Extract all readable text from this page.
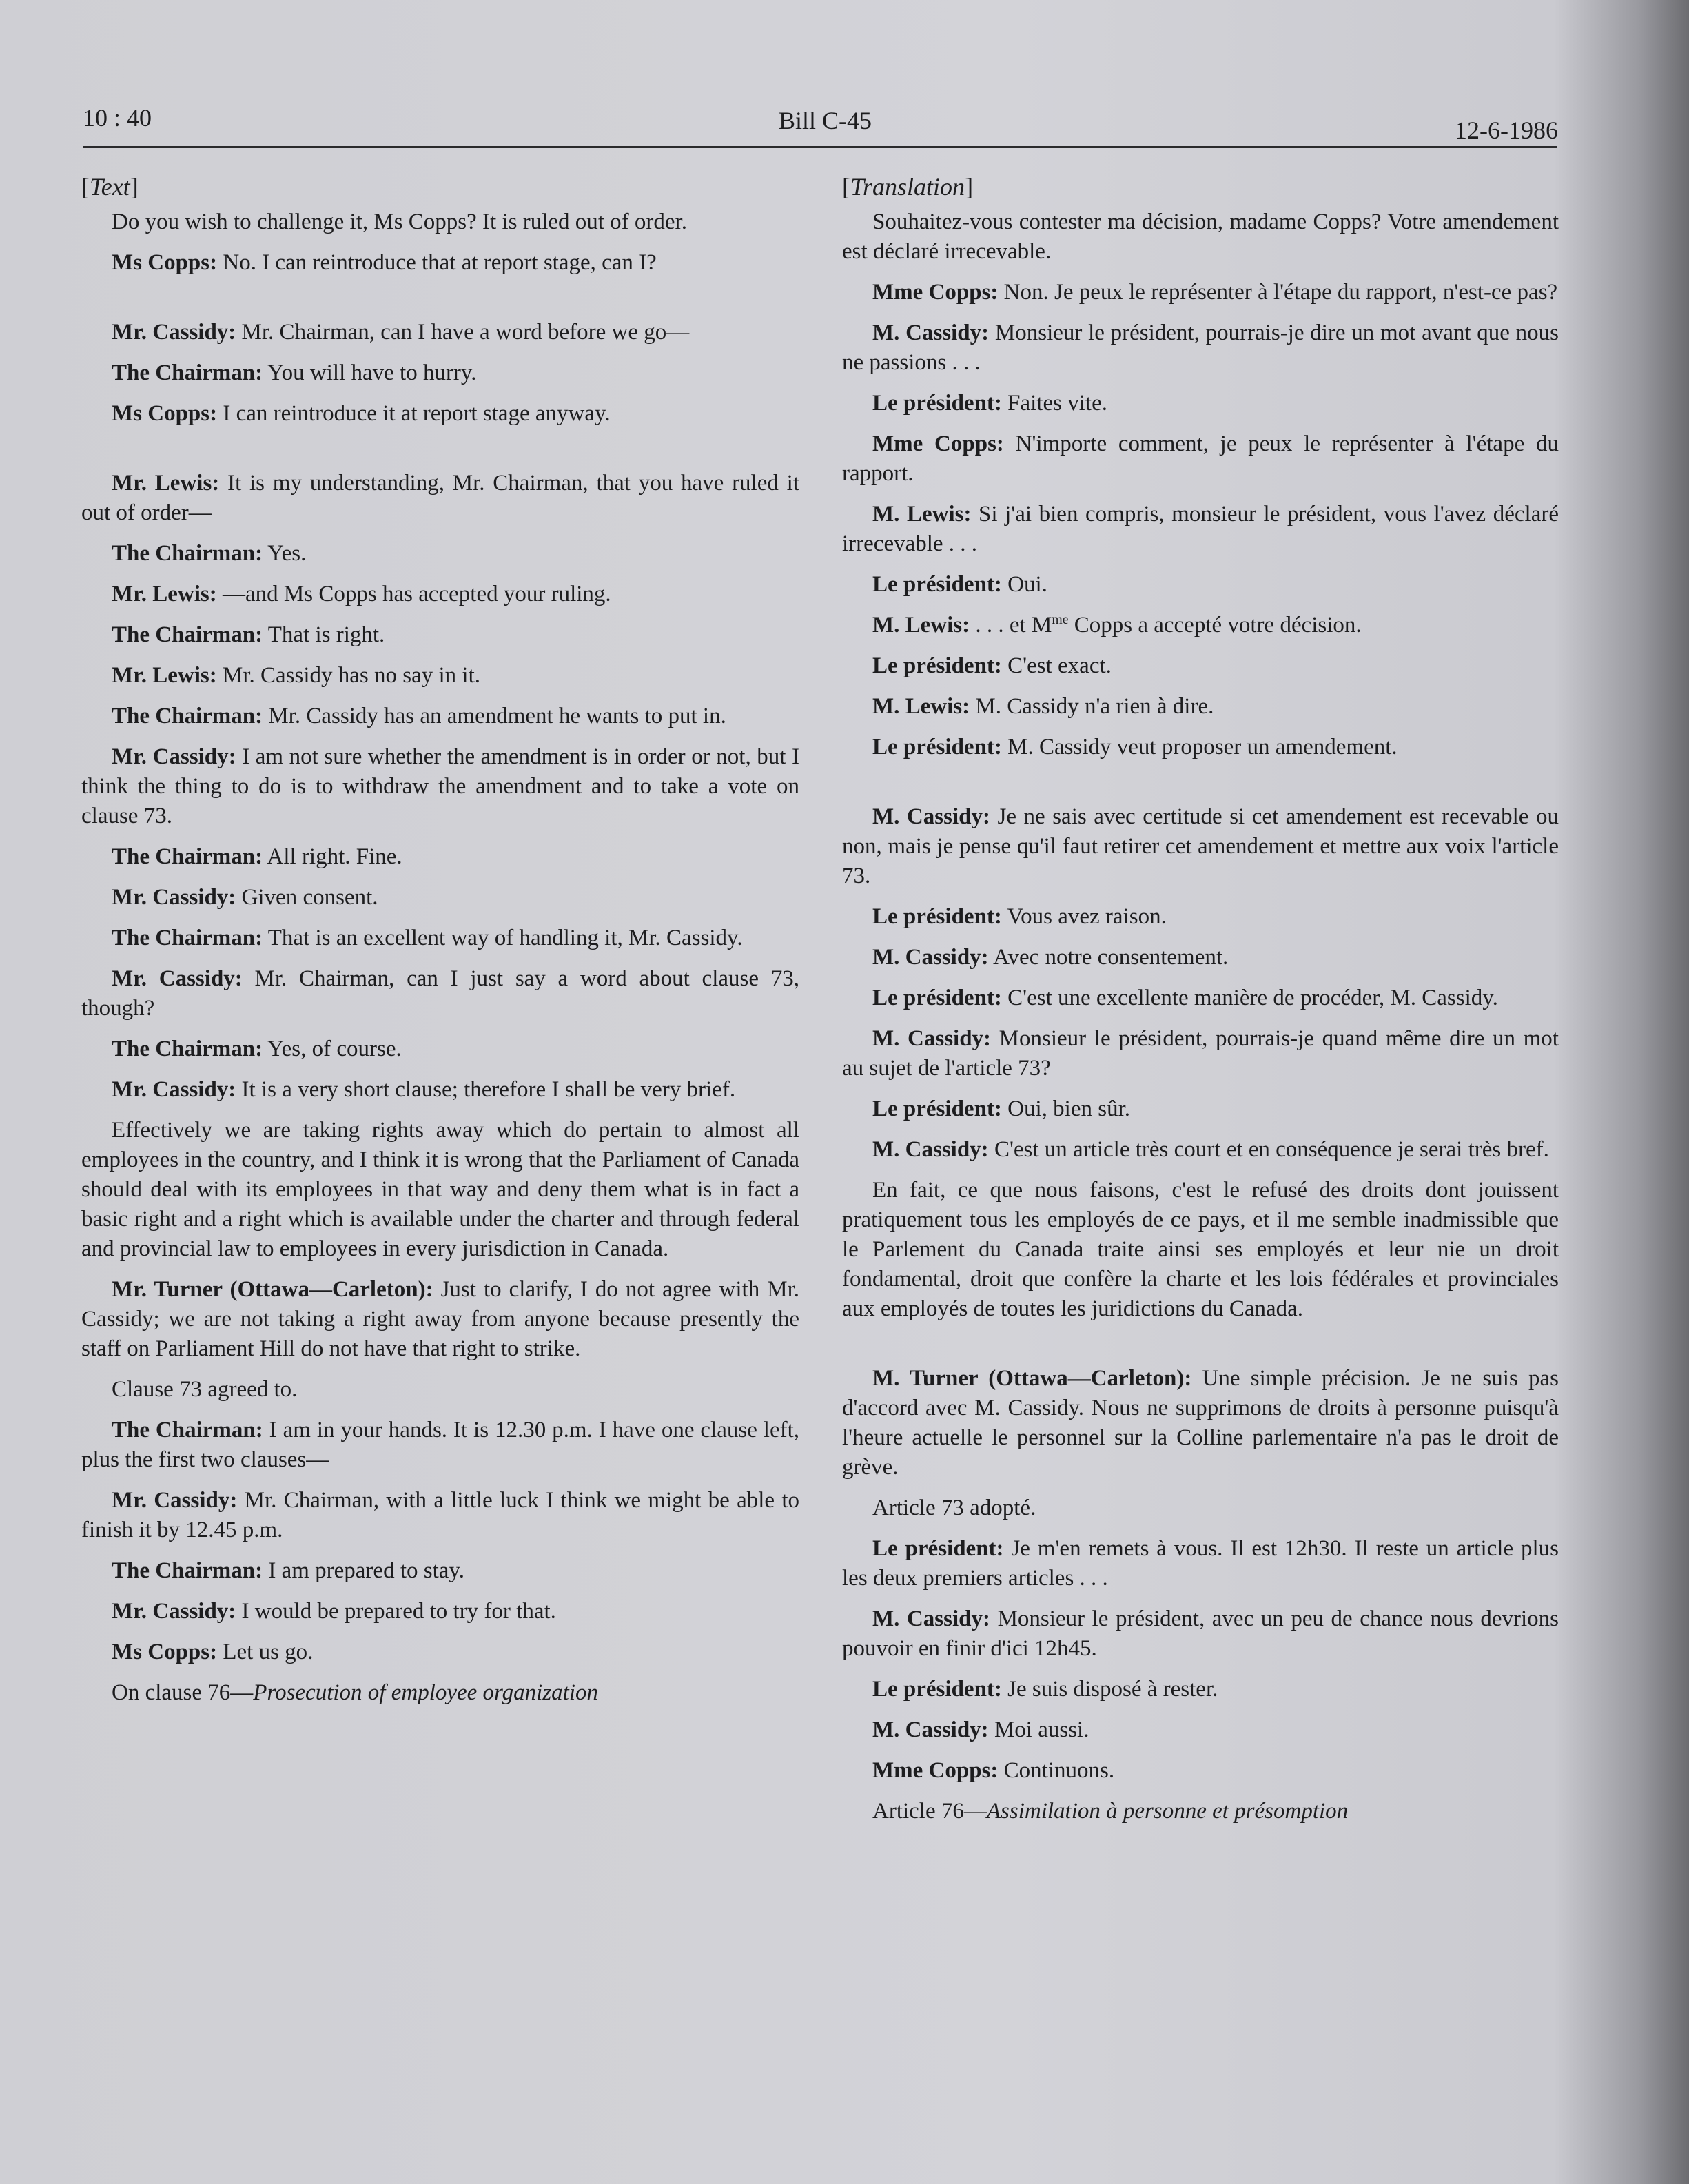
10 : 40	Bill C-45	12-6-1986

[Text]

Do you wish to challenge it, Ms Copps? It is ruled out of order.

Ms Copps: No. I can reintroduce that at report stage, can I?

Mr. Cassidy: Mr. Chairman, can I have a word before we go—

The Chairman: You will have to hurry.

Ms Copps: I can reintroduce it at report stage anyway.

Mr. Lewis: It is my understanding, Mr. Chairman, that you have ruled it out of order—

The Chairman: Yes.

Mr. Lewis: —and Ms Copps has accepted your ruling.

The Chairman: That is right.

Mr. Lewis: Mr. Cassidy has no say in it.

The Chairman: Mr. Cassidy has an amendment he wants to put in.

Mr. Cassidy: I am not sure whether the amendment is in order or not, but I think the thing to do is to withdraw the amendment and to take a vote on clause 73.

The Chairman: All right. Fine.

Mr. Cassidy: Given consent.

The Chairman: That is an excellent way of handling it, Mr. Cassidy.

Mr. Cassidy: Mr. Chairman, can I just say a word about clause 73, though?

The Chairman: Yes, of course.

Mr. Cassidy: It is a very short clause; therefore I shall be very brief.

Effectively we are taking rights away which do pertain to almost all employees in the country, and I think it is wrong that the Parliament of Canada should deal with its employees in that way and deny them what is in fact a basic right and a right which is available under the charter and through federal and provincial law to employees in every jurisdiction in Canada.

Mr. Turner (Ottawa—Carleton): Just to clarify, I do not agree with Mr. Cassidy; we are not taking a right away from anyone because presently the staff on Parliament Hill do not have that right to strike.

Clause 73 agreed to.

The Chairman: I am in your hands. It is 12.30 p.m. I have one clause left, plus the first two clauses—

Mr. Cassidy: Mr. Chairman, with a little luck I think we might be able to finish it by 12.45 p.m.

The Chairman: I am prepared to stay.

Mr. Cassidy: I would be prepared to try for that.

Ms Copps: Let us go.

On clause 76—Prosecution of employee organization

[Translation]

Souhaitez-vous contester ma décision, madame Copps? Votre amendement est déclaré irrecevable.

Mme Copps: Non. Je peux le représenter à l'étape du rapport, n'est-ce pas?

M. Cassidy: Monsieur le président, pourrais-je dire un mot avant que nous ne passions . . .

Le président: Faites vite.

Mme Copps: N'importe comment, je peux le représenter à l'étape du rapport.

M. Lewis: Si j'ai bien compris, monsieur le président, vous l'avez déclaré irrecevable . . .

Le président: Oui.

M. Lewis: . . . et $M^{me}$ Copps a accepté votre décision.

Le président: C'est exact.

M. Lewis: M. Cassidy n'a rien à dire.

Le président: M. Cassidy veut proposer un amendement.

M. Cassidy: Je ne sais avec certitude si cet amendement est recevable ou non, mais je pense qu'il faut retirer cet amendement et mettre aux voix l'article 73.

Le président: Vous avez raison.

M. Cassidy: Avec notre consentement.

Le président: C'est une excellente manière de procéder, M. Cassidy.

M. Cassidy: Monsieur le président, pourrais-je quand même dire un mot au sujet de l'article 73?

Le président: Oui, bien sûr.

M. Cassidy: C'est un article très court et en conséquence je serai très bref.

En fait, ce que nous faisons, c'est le refusé des droits dont jouissent pratiquement tous les employés de ce pays, et il me semble inadmissible que le Parlement du Canada traite ainsi ses employés et leur nie un droit fondamental, droit que confère la charte et les lois fédérales et provinciales aux employés de toutes les juridictions du Canada.

M. Turner (Ottawa—Carleton): Une simple précision. Je ne suis pas d'accord avec M. Cassidy. Nous ne supprimons de droits à personne puisqu'à l'heure actuelle le personnel sur la Colline parlementaire n'a pas le droit de grève.

Article 73 adopté.

Le président: Je m'en remets à vous. Il est 12h30. Il reste un article plus les deux premiers articles . . .

M. Cassidy: Monsieur le président, avec un peu de chance nous devrions pouvoir en finir d'ici 12h45.

Le président: Je suis disposé à rester.

M. Cassidy: Moi aussi.

Mme Copps: Continuons.

Article 76—Assimilation à personne et présomption
